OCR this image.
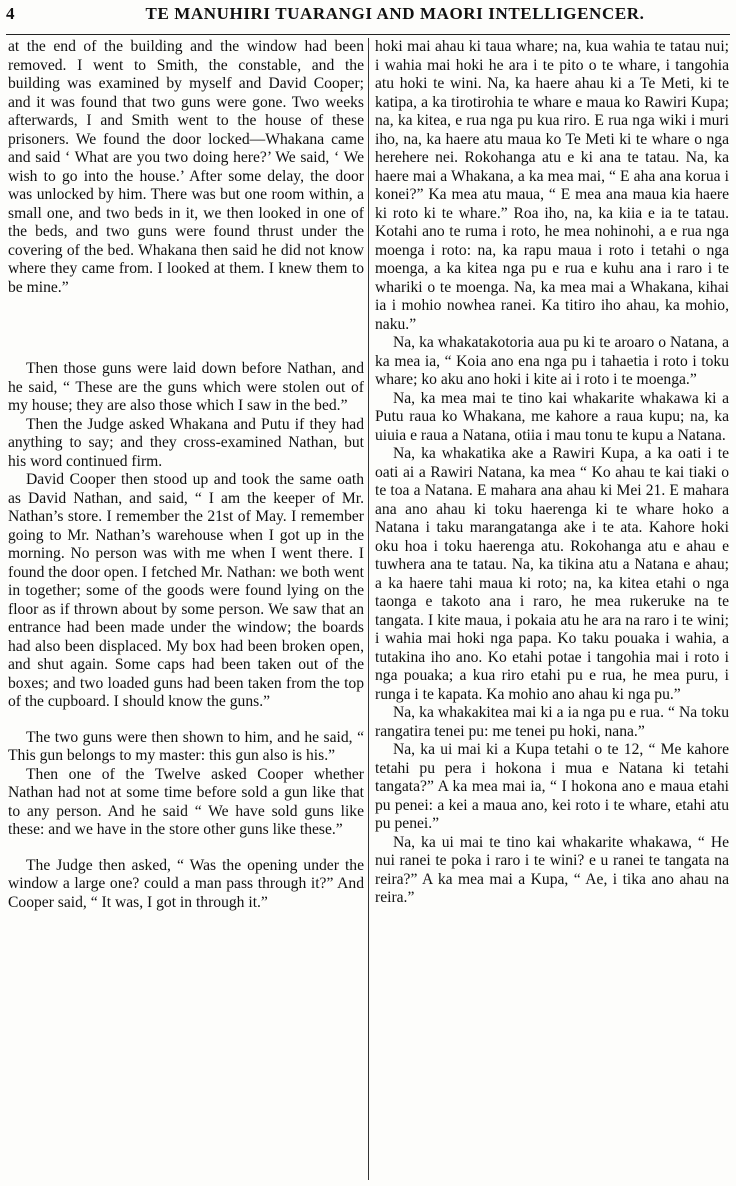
4	TE MANUHIRI TUARANGI AND MAORI INTELLIGENCER.

at the end of the building and the window had been removed. I went to Smith, the constable, and the building was examined by myself and David Cooper; and it was found that two guns were gone. Two weeks afterwards, I and Smith went to the house of these prisoners. We found the door locked—Whakana came and said ‘ What are you two doing here?’ We said, ‘ We wish to go into the house.’ After some delay, the door was unlocked by him. There was but one room within, a small one, and two beds in it, we then looked in one of the beds, and two guns were found thrust under the covering of the bed. Whakana then said he did not know where they came from. I looked at them. I knew them to be mine.”

Then those guns were laid down before Nathan, and he said, “ These are the guns which were stolen out of my house; they are also those which I saw in the bed.”

Then the Judge asked Whakana and Putu if they had anything to say; and they cross-examined Nathan, but his word continued firm.

David Cooper then stood up and took the same oath as David Nathan, and said, “ I am the keeper of Mr. Nathan’s store. I remember the 21st of May. I remember going to Mr. Nathan’s warehouse when I got up in the morning. No person was with me when I went there. I found the door open. I fetched Mr. Nathan: we both went in together; some of the goods were found lying on the floor as if thrown about by some person. We saw that an entrance had been made under the window; the boards had also been displaced. My box had been broken open, and shut again. Some caps had been taken out of the boxes; and two loaded guns had been taken from the top of the cupboard. I should know the guns.”

The two guns were then shown to him, and he said, “ This gun belongs to my master: this gun also is his.”

Then one of the Twelve asked Cooper whether Nathan had not at some time before sold a gun like that to any person. And he said “ We have sold guns like these: and we have in the store other guns like these.”

The Judge then asked, “ Was the opening under the window a large one? could a man pass through it?” And Cooper said, “ It was, I got in through it.”

hoki mai ahau ki taua whare; na, kua wahia te tatau nui; i wahia mai hoki he ara i te pito o te whare, i tangohia atu hoki te wini. Na, ka haere ahau ki a Te Meti, ki te katipa, a ka tirotirohia te whare e maua ko Rawiri Kupa; na, ka kitea, e rua nga pu kua riro. E rua nga wiki i muri iho, na, ka haere atu maua ko Te Meti ki te whare o nga herehere nei. Rokohanga atu e ki ana te tatau. Na, ka haere mai a Whakana, a ka mea mai, “ E aha ana korua i konei?” Ka mea atu maua, “ E mea ana maua kia haere ki roto ki te whare.” Roa iho, na, ka kiia e ia te tatau. Kotahi ano te ruma i roto, he mea nohinohi, a e rua nga moenga i roto: na, ka rapu maua i roto i tetahi o nga moenga, a ka kitea nga pu e rua e kuhu ana i raro i te whariki o te moenga. Na, ka mea mai a Whakana, kihai ia i mohio nowhea ranei. Ka titiro iho ahau, ka mohio, naku.”

Na, ka whakatakotoria aua pu ki te aroaro o Natana, a ka mea ia, “ Koia ano ena nga pu i tahaetia i roto i toku whare; ko aku ano hoki i kite ai i roto i te moenga.”

Na, ka mea mai te tino kai whakarite whakawa ki a Putu raua ko Whakana, me kahore a raua kupu; na, ka uiuia e raua a Natana, otiia i mau tonu te kupu a Natana.

Na, ka whakatika ake a Rawiri Kupa, a ka oati i te oati ai a Rawiri Natana, ka mea “ Ko ahau te kai tiaki o te toa a Natana. E mahara ana ahau ki Mei 21. E mahara ana ano ahau ki toku haerenga ki te whare hoko a Natana i taku marangatanga ake i te ata. Kahore hoki oku hoa i toku haerenga atu. Rokohanga atu e ahau e tuwhera ana te tatau. Na, ka tikina atu a Natana e ahau; a ka haere tahi maua ki roto; na, ka kitea etahi o nga taonga e takoto ana i raro, he mea rukeruke na te tangata. I kite maua, i pokaia atu he ara na raro i te wini; i wahia mai hoki nga papa. Ko taku pouaka i wahia, a tutakina iho ano. Ko etahi potae i tangohia mai i roto i nga pouaka; a kua riro etahi pu e rua, he mea puru, i runga i te kapata. Ka mohio ano ahau ki nga pu.”

Na, ka whakakitea mai ki a ia nga pu e rua. “ Na toku rangatira tenei pu: me tenei pu hoki, nana.”

Na, ka ui mai ki a Kupa tetahi o te 12, “ Me kahore tetahi pu pera i hokona i mua e Natana ki tetahi tangata?” A ka mea mai ia, “ I hokona ano e maua etahi pu penei: a kei a maua ano, kei roto i te whare, etahi atu pu penei.”

Na, ka ui mai te tino kai whakarite whakawa, “ He nui ranei te poka i raro i te wini? e u ranei te tangata na reira?” A ka mea mai a Kupa, “ Ae, i tika ano ahau na reira.”
